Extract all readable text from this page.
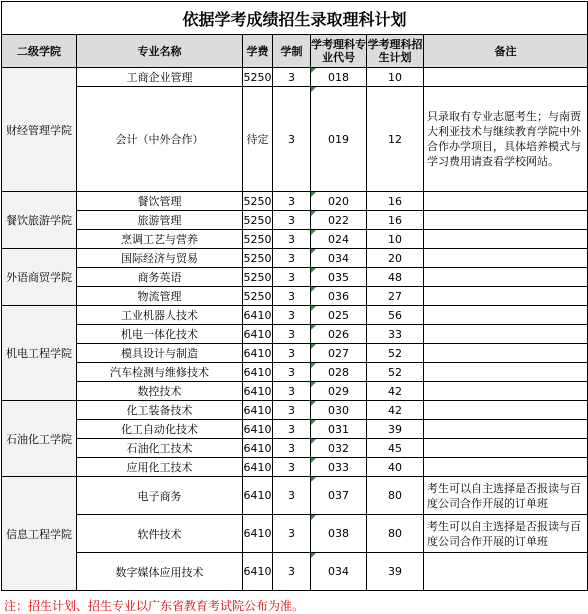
依据学考成绩招生录取理科计划						
二级学院	专业名称	学费	学制	学考理科专业代号	学考理科招生计划	备注
财经管理学院	工商企业管理	5250	3	018	10	
	会计（中外合作）	待定	3	019	12	只录取有专业志愿考生；与南贾大利亚技术与继续教育学院中外合作办学项目，具体培养模式与学习费用请查看学校网站。
餐饮旅游学院	餐饮管理	5250	3	020	16	
	旅游管理	5250	3	022	16	
	烹调工艺与营养	5250	3	024	10	
外语商贸学院	国际经济与贸易	5250	3	034	20	
	商务英语	5250	3	035	48	
	物流管理	5250	3	036	27	
机电工程学院	工业机器人技术	6410	3	025	56	
	机电一体化技术	6410	3	026	33	
	模具设计与制造	6410	3	027	52	
	汽车检测与维修技术	6410	3	028	52	
	数控技术	6410	3	029	42	
石油化工学院	化工装备技术	6410	3	030	42	
	化工自动化技术	6410	3	031	39	
	石油化工技术	6410	3	032	45	
	应用化工技术	6410	3	033	40	
信息工程学院	电子商务	6410	3	037	80	考生可以自主选择是否报读与百度公司合作开展的订单班
	软件技术	6410	3	038	80	考生可以自主选择是否报读与百度公司合作开展的订单班
	数字媒体应用技术	6410	3	034	39	
注：招生计划、招生专业以广东省教育考试院公布为准。
